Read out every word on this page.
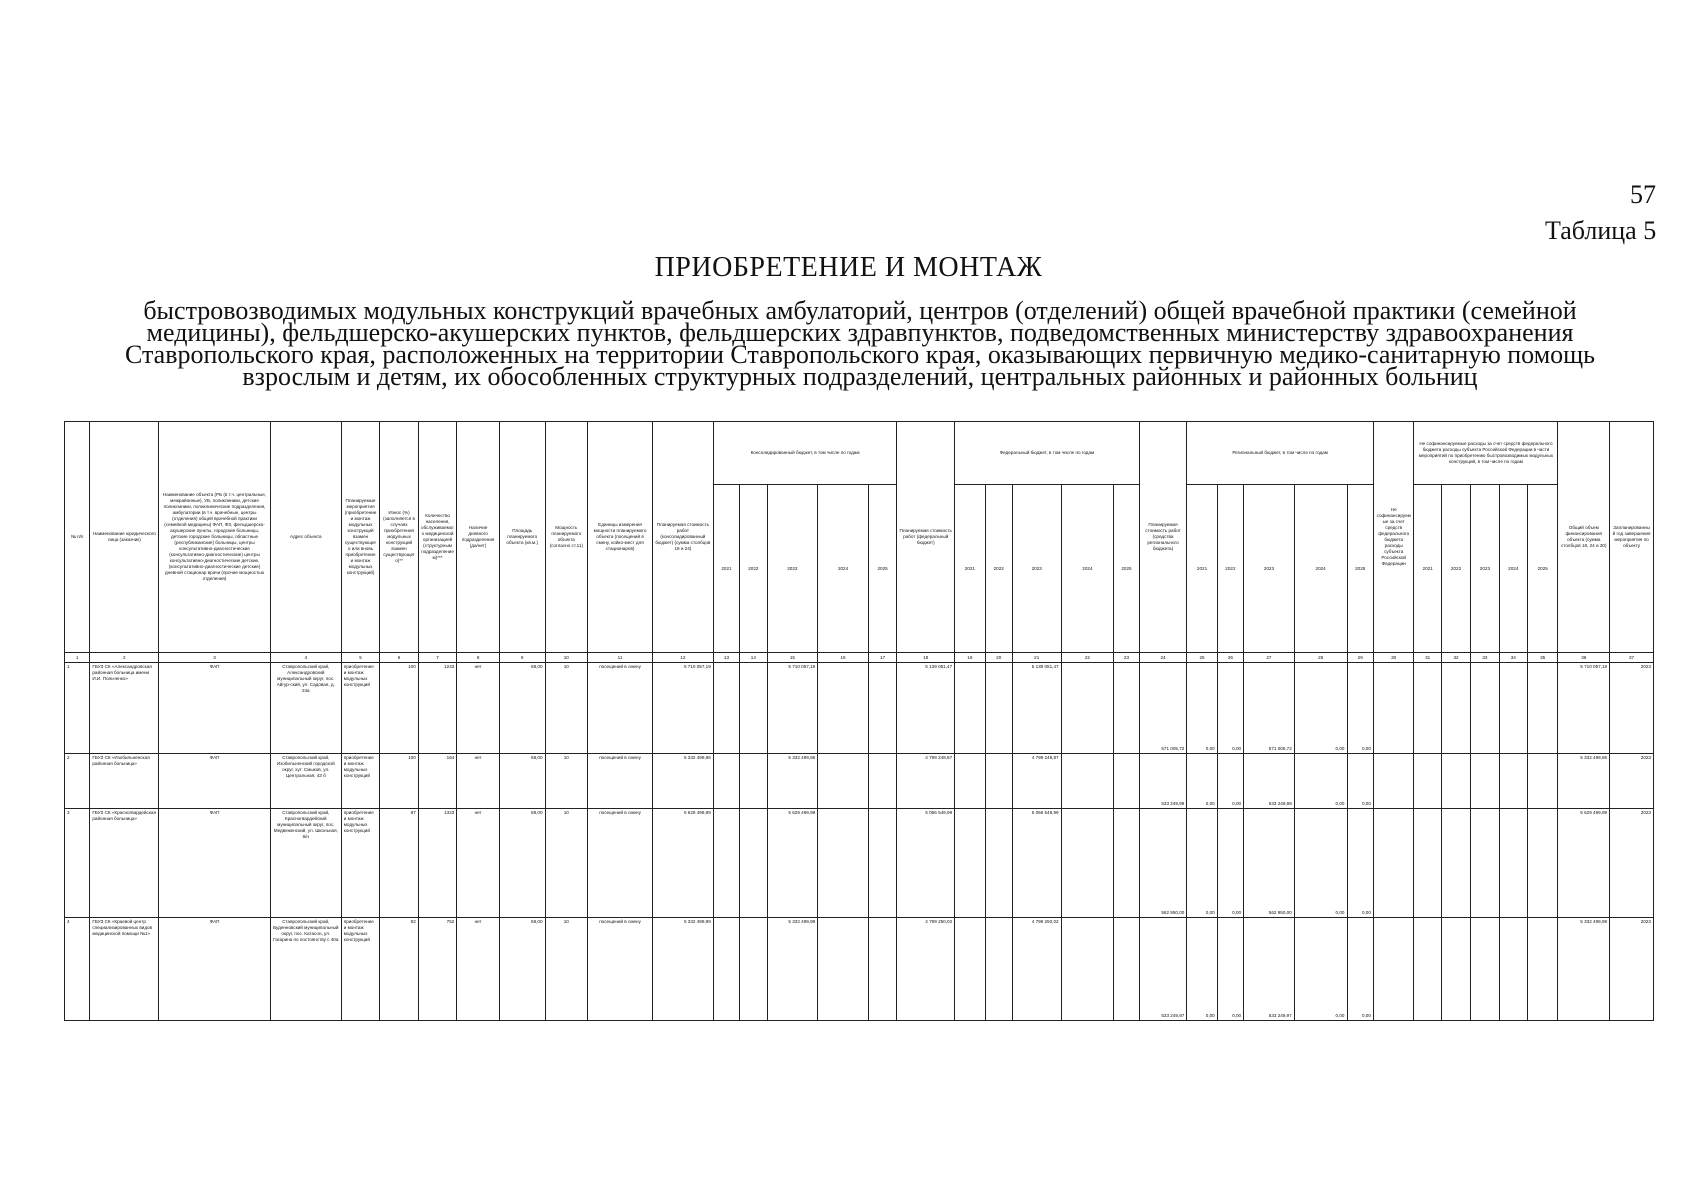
57
Таблица 5
ПРИОБРЕТЕНИЕ И МОНТАЖ
быстровозводимых модульных конструкций врачебных амбулаторий, центров (отделений) общей врачебной практики (семейной медицины), фельдшерско-акушерских пунктов, фельдшерских здравпунктов, подведомственных министерству здравоохранения Ставропольского края, расположенных на территории Ставропольского края, оказывающих первичную медико-санитарную помощь взрослым и детям, их обособленных структурных подразделений, центральных районных и районных больниц
№ п/п	Наименование юридического лица (заказчик)	Наименование объекта (РБ (в т.ч. центральные, межрайонные), УБ, поликлиники, детские поликлиники, поликлинические подразделения, амбулатории (в т.ч. врачебные, центры (отделения) общей врачебной практики (семейной медицины) ФАП, ФЗ, фельдшерско-акушерские пункты, городские больницы, детские городские больницы, областные (республиканские) больницы, центры консультативно-диагностические (консультативно-диагностические) центры консультативно-диагностические детские, (консультативно-диагностические детские) дневной стационар врачи (прочие мощностью отделения)	Адрес объекта	Планируемые мероприятия (приобретение и монтаж модульных конструкций взамен существующего или вновь приобретение и монтаж модульных конструкций)	Износ (%) (заполняется в случаях приобретения модульных конструкций взамен существующего)**	Количество населения, обслуживаемого медицинской организацией (структурным подразделением)***	Наличие дневного подразделения (да/нет)	Площадь планируемого объекта (кв.м.)	Мощность планируемого объекта (согласно ст.11)	Единицы измерения мощности планируемого объекта (посещений в смену, койко-мест для стационаров)	Планируемая стоимость работ (консолидированный бюджет) (сумма столбцов 18 и 24)	Консолидированный бюджет, в том числе по годам					Планируемая стоимость работ (федеральный бюджет)	Федеральный бюджет, в том числе по годам					Планируемая стоимость работ (средства регионального бюджета)	Региональный бюджет, в том числе по годам					Не софинансируемые за счет средств федерального бюджета расходы субъекта Российской Федерации	Не софинансируемые расходы за счет средств федерального бюджета расходы субъекта Российской Федерации в части мероприятий по приобретению быстровозводимых модульных конструкций, в том числе по годам					Общий объем финансирования объекта (сумма столбцов 18, 24 и 30)	Запланированный год завершения мероприятия по объекту
												2021	2022	2023	2024	2025		2021	2022	2023	2024	2025		2021	2022	2023	2024	2025		2021	2022	2023	2024	2025		
1	2	3	4	5	6	7	8	9	10	11	12	13	14	15	16	17	18	19	20	21	22	23	24	25	26	27	28	29	30	31	32	33	34	35	36	37
1	ГБУЗ СК «Александровская районная больница имени И.И. Польченко»	ФАП	Ставропольский край, Александровский муниципальный округ, пос. Айгур-ский, ул. Садовая, д. 24а	приобретение и монтаж модульных конструкций	100	1243	нет	68,00	10	посещений в смену	5 710 057,19			5 710 057,19			5 139 051,47			5 139 051,47			571 005,72	0,00	0,00	571 005,72	0,00	0,00							5 710 057,19	2023
2	ГБУЗ СК «Изобильненская районная больница»	ФАП	Ставропольский край, Изобильненский городской округ, хут. Смыков, ул. Центральная, 43 б	приобретение и монтаж модульных конструкций	100	164	нет	68,00	10	посещений в смену	5 332 499,86			5 332 499,86			4 799 249,87			4 799 249,87			533 249,99	0,00	0,00	533 249,99	0,00	0,00							5 332 499,86	2023
3	ГБУЗ СК «Красногвардейская районная больница»	ФАП	Ставропольский край, Красногвардейский муниципальный округ, пос. Медвеженский, ул. Школьная, 6/н	приобретение и монтаж модульных конструкций	87	1323	нет	68,00	10	посещений в смену	5 629 499,99			5 629 499,99			5 066 549,99			5 066 549,99			562 950,00	0,00	0,00	562 950,00	0,00	0,00							5 629 499,99	2023
4	ГБУЗ СК «Краевой центр специализированных видов медицинской помощи №1»	ФАП	Ставропольский край, Буденновский муниципальный округ, пос. Катасон, ул. Гагарина по постоянству с 40а	приобретение и монтаж модульных конструкций	82	752	нет	68,00	10	посещений в смену	5 332 499,99			5 332 499,99			4 799 250,02			4 799 250,02			533 249,97	0,00	0,00	533 249,97	0,00	0,00							5 332 499,99	2023
